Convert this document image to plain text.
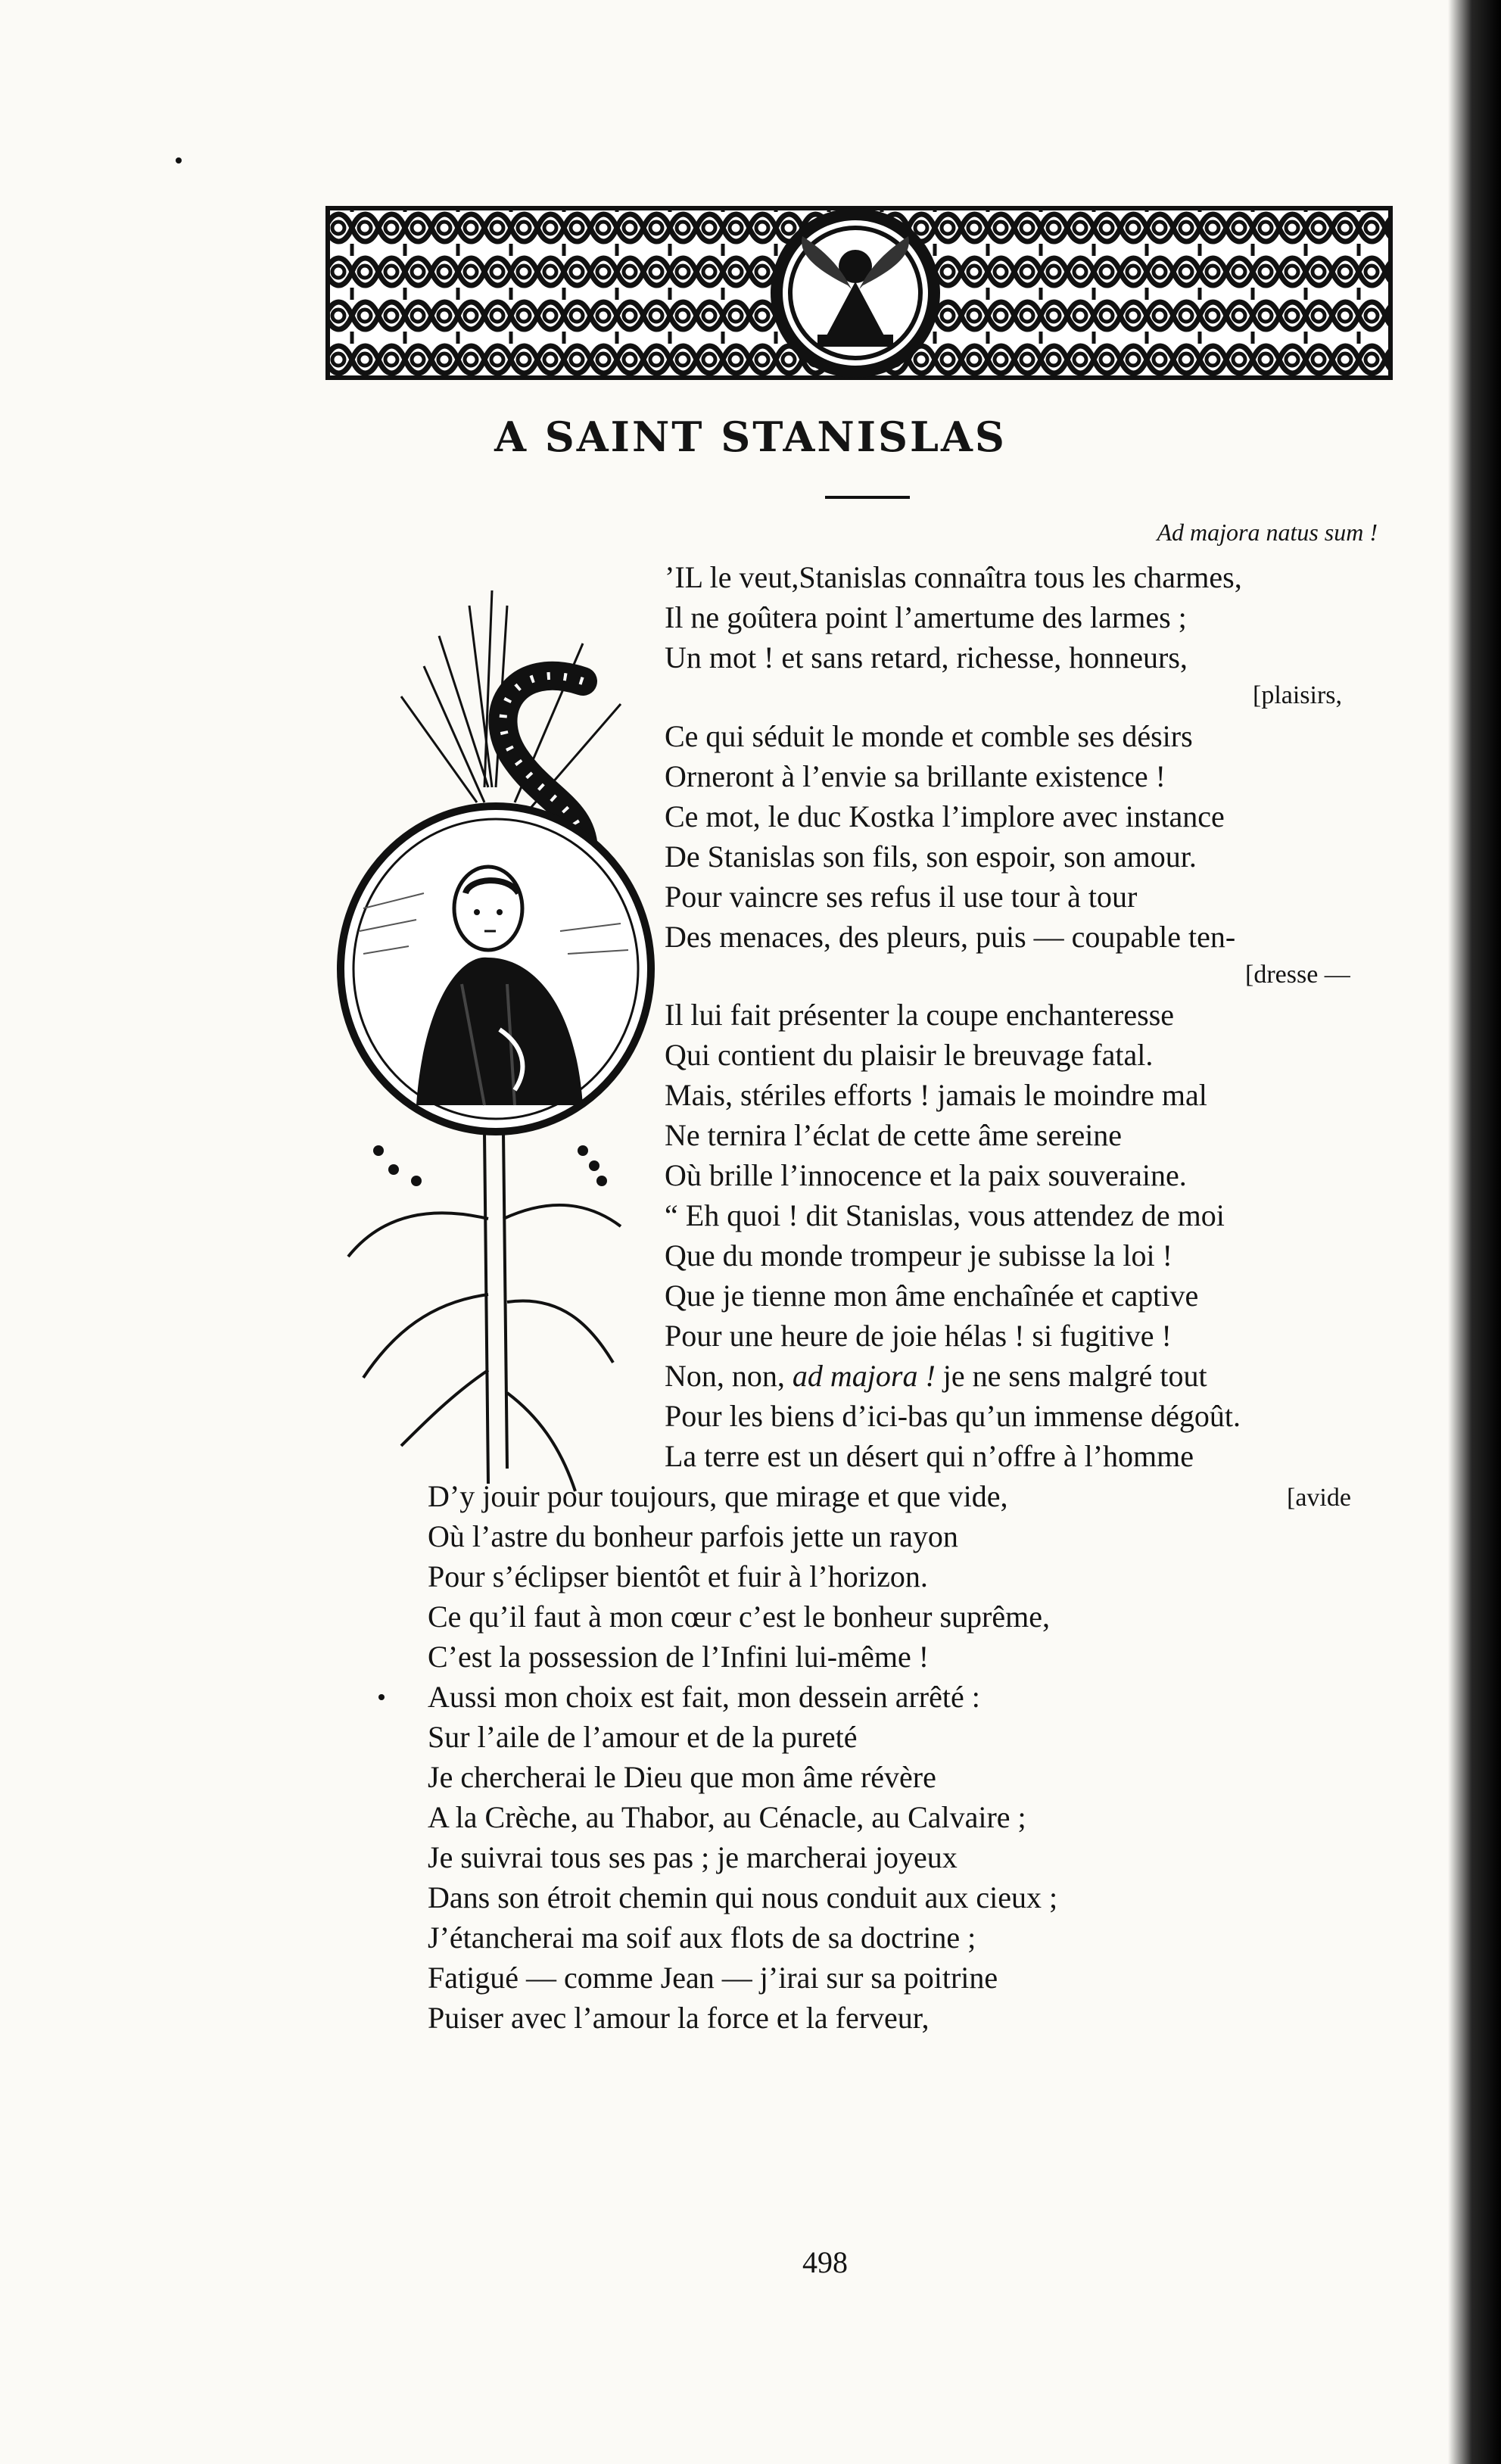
A SAINT STANISLAS
Ad majora natus sum !
’IL le veut,Stanislas connaîtra tous les charmes,
Il ne goûtera point l’amertume des larmes ;
Un mot ! et sans retard, richesse, honneurs,
[plaisirs,
Ce qui séduit le monde et comble ses désirs
Orneront à l’envie sa brillante existence !
Ce mot, le duc Kostka l’implore avec instance
De Stanislas son fils, son espoir, son amour.
Pour vaincre ses refus il use tour à tour
Des menaces, des pleurs, puis — coupable ten-
[dresse —
Il lui fait présenter la coupe enchanteresse
Qui contient du plaisir le breuvage fatal.
Mais, stériles efforts ! jamais le moindre mal
Ne ternira l’éclat de cette âme sereine
Où brille l’innocence et la paix souveraine.
“ Eh quoi ! dit Stanislas, vous attendez de moi
Que du monde trompeur je subisse la loi !
Que je tienne mon âme enchaînée et captive
Pour une heure de joie hélas ! si fugitive !
Non, non, ad majora ! je ne sens malgré tout
Pour les biens d’ici-bas qu’un immense dégoût.
La terre est un désert qui n’offre à l’homme
[avide
D’y jouir pour toujours, que mirage et que vide,
Où l’astre du bonheur parfois jette un rayon
Pour s’éclipser bientôt et fuir à l’horizon.
Ce qu’il faut à mon cœur c’est le bonheur suprême,
C’est la possession de l’Infini lui-même !
Aussi mon choix est fait, mon dessein arrêté :
Sur l’aile de l’amour et de la pureté
Je chercherai le Dieu que mon âme révère
A la Crèche, au Thabor, au Cénacle, au Calvaire ;
Je suivrai tous ses pas ; je marcherai joyeux
Dans son étroit chemin qui nous conduit aux cieux ;
J’étancherai ma soif aux flots de sa doctrine ;
Fatigué — comme Jean — j’irai sur sa poitrine
Puiser avec l’amour la force et la ferveur,
498
